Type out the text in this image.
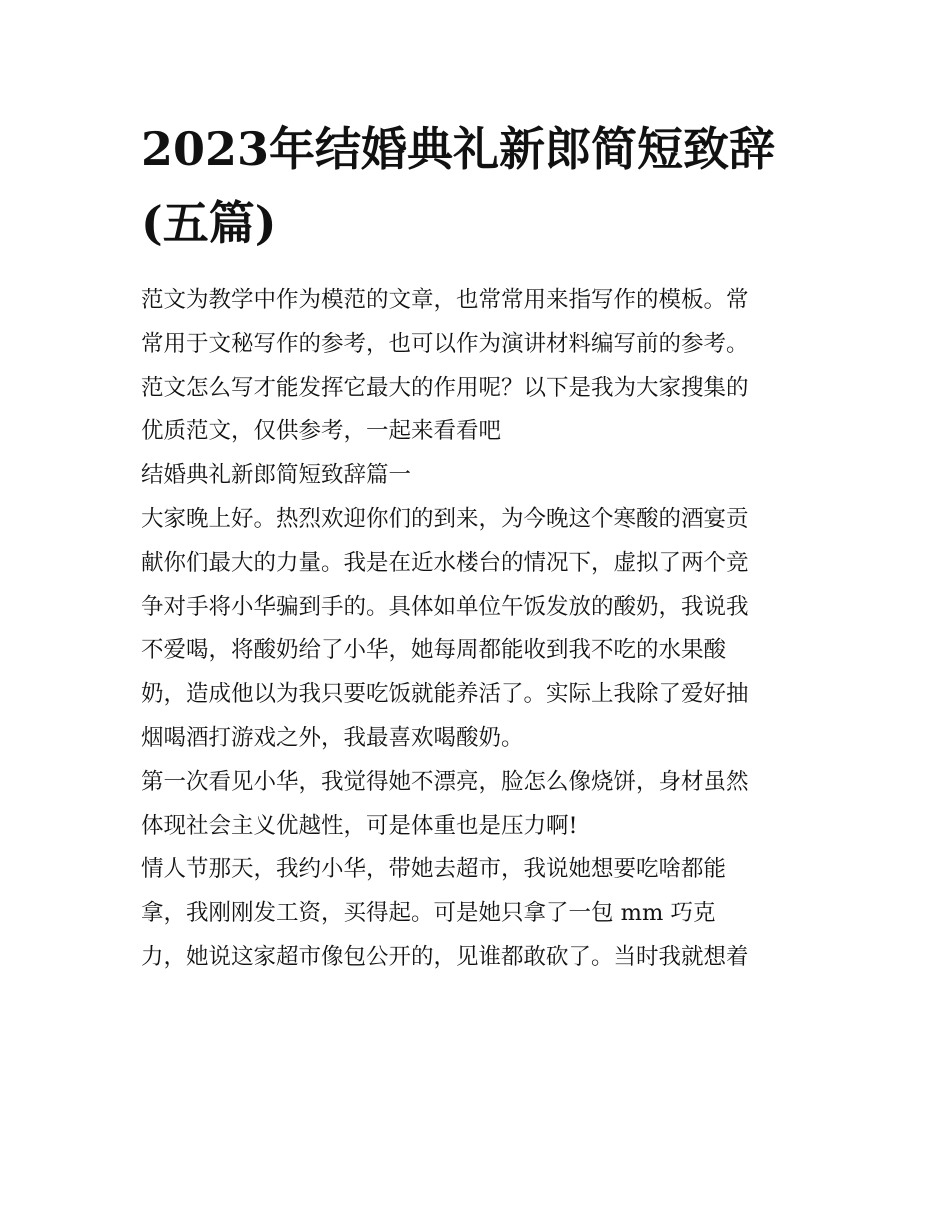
2023年结婚典礼新郎简短致辞
(五篇)
范文为教学中作为模范的文章，也常常用来指写作的模板。常
常用于文秘写作的参考，也可以作为演讲材料编写前的参考。
范文怎么写才能发挥它最大的作用呢？以下是我为大家搜集的
优质范文，仅供参考，一起来看看吧
结婚典礼新郎简短致辞篇一
大家晚上好。热烈欢迎你们的到来，为今晚这个寒酸的酒宴贡
献你们最大的力量。我是在近水楼台的情况下，虚拟了两个竞
争对手将小华骗到手的。具体如单位午饭发放的酸奶，我说我
不爱喝，将酸奶给了小华，她每周都能收到我不吃的水果酸
奶，造成他以为我只要吃饭就能养活了。实际上我除了爱好抽
烟喝酒打游戏之外，我最喜欢喝酸奶。
第一次看见小华，我觉得她不漂亮，脸怎么像烧饼，身材虽然
体现社会主义优越性，可是体重也是压力啊!
情人节那天，我约小华，带她去超市，我说她想要吃啥都能
拿，我刚刚发工资，买得起。可是她只拿了一包 mm 巧克
力，她说这家超市像包公开的，见谁都敢砍了。当时我就想着
